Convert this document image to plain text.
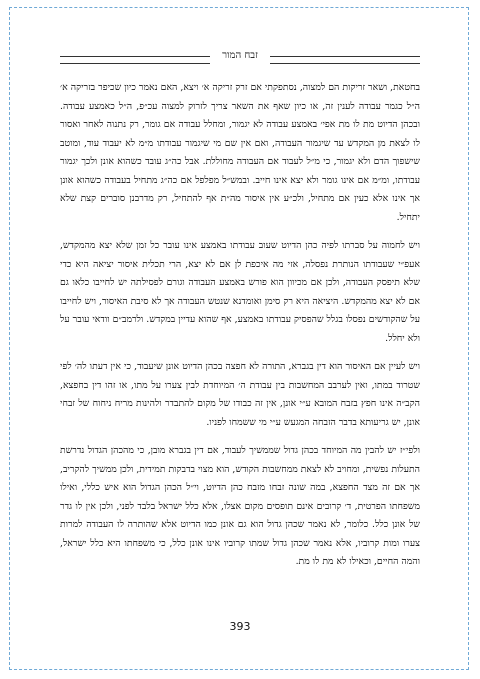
זבח המור

בחטאת, ושאר זריקות הם למצוה, נסתפקתי אם זרק זריקה א׳ ויצא, האם נאמר כיון שכיפר בזריקה א׳ ה״ל כגמר עבודה לענין זה, או כיון שאף את השאר צריך לזרוק למצוה עכ״פ, ה״ל כאמצע עבודה. ובכהן הדיוט מת לו מת אפי׳ באמצע עבודה לא יגמור, ומחלל עבודה אם גומר, רק נתנוה לאחר ואסור לו לצאת מן המקדש עד שיגמור העבודה, ואם אין שם מי שיגמור עבודתו מ״מ לא יעבוד עוד, ומוטב שישפוך הדם ולא יגמור, כי מ״ל לעבוד אם העבודה מחוללת. אבל כה״ג עובד כשהוא אונן ולכך יגמור עבודתו, ומ״מ אם אינו גומר ולא יצא אינו חייב. ובמש״ל מפלפל אם כה״ג מתחיל בעבודה כשהוא אונן אך אינו אלא כעין אם מתחיל, ולכ״ע אין איסור מה״ת אף להתחיל, רק מדרבנן סוברים קצת שלא יתחיל.

ויש לחמוה על סברתו לפיה כהן הדיוט שעוב עבודתו באמצע אינו עובר כל זמן שלא יצא מהמקדש, אעפ״י שעבודתו הנותרת נפסלה, אזי מה איכפת לן אם לא יצא, הרי תכלית איסור יציאה היא כדי שלא תיפסק העבודה, ולכן אם מכיוון הוא פורש באמצע העבודה וגורם לפסילתה יש לחייבו כלאו גם אם לא יצא מהמקדש. היציאה היא רק סימן ואומדנא שנטש העבודה אך לא סיבת האיסור, ויש לחייבו על שהקודשים נפסלו בגלל שהפסיק עבודתו באמצע, אף שהוא עדיין במקדש. ולרמב״ם וודאי עובר על ולא יחלל.

ויש לעיין אם האיסור הוא דין בגברא, התורה לא חפצה בכהן הדיוט אונן שיעבוד, כי אין דעתו לה׳ לפי שטרוד במתו, ואין לערבב המחשבות בין עבודת ה׳ המיוחדת לבין צערו על מתו, או זהו דין בחפצא, הקב״ה אינו חפץ בזבח המובא ע״י אונן, אין זה כבודו של מקום להתבדר ולהינות מריח ניחוח של זבחי אונן, יש גריעותא בדבר הזבחה המגעש ע״י מי ששמחו לפניו.

ולפי״ז יש להבין מה המיוחד בכהן גדול שממשיך לעבוד, אם דין בגברא מובן, כי מהכהן הגדול נדרשת התעלות נפשית, ומחויב לא לצאת ממחשבות הקודש, הוא מצוי בדבקות תמידית, ולכן ממשיך להקריב, אך אם זה מצד החפצא, במה שונה זבחו מזבח כהן הדיוט, וי״ל הכהן הגדול הוא איש כללי, ואילו משפחתו הפרטית, ד׳ קרובים אינם תופסים מקום אצלו, אלא כלל ישראל בלבד לפני, ולכן אין לו גדר של אונן כלל. כלומר, לא נאמר שכהן גדול הוא גם אונן כמו הדיוט אלא שהותרה לו העבודה למרות צערו ומות קרוביו, אלא נאמר שכהן גדול שמתו קרוביו אינו אונן כלל, כי משפחתו היא כלל ישראל, והמה החיים, וכאילו לא מת לו מת.

393
